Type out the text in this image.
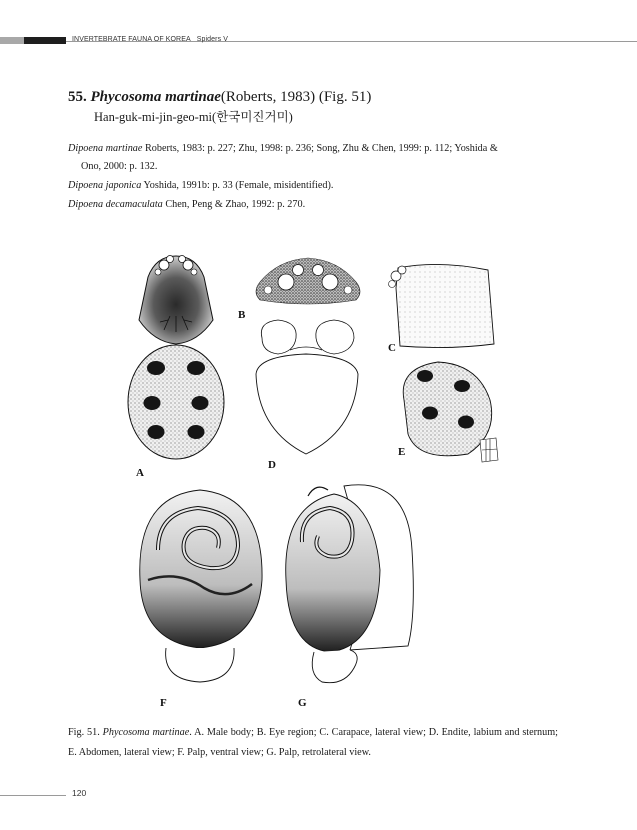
INVERTEBRATE FAUNA OF KOREA Spiders V
55. Phycosoma martinae(Roberts, 1983) (Fig. 51)
Han-guk-mi-jin-geo-mi(한국미진거미)
Dipoena martinae Roberts, 1983: p. 227; Zhu, 1998: p. 236; Song, Zhu & Chen, 1999: p. 112; Yoshida &
Ono, 2000: p. 132.
Dipoena japonica Yoshida, 1991b: p. 33 (Female, misidentified).
Dipoena decamaculata Chen, Peng & Zhao, 1992: p. 270.
A
B
C
D
E
F	G
Fig. 51. Phycosoma martinae. A. Male body; B. Eye region; C. Carapace, lateral view; D. Endite, labium and sternum; E. Abdomen, lateral view; F. Palp, ventral view; G. Palp, retrolateral view.
120
